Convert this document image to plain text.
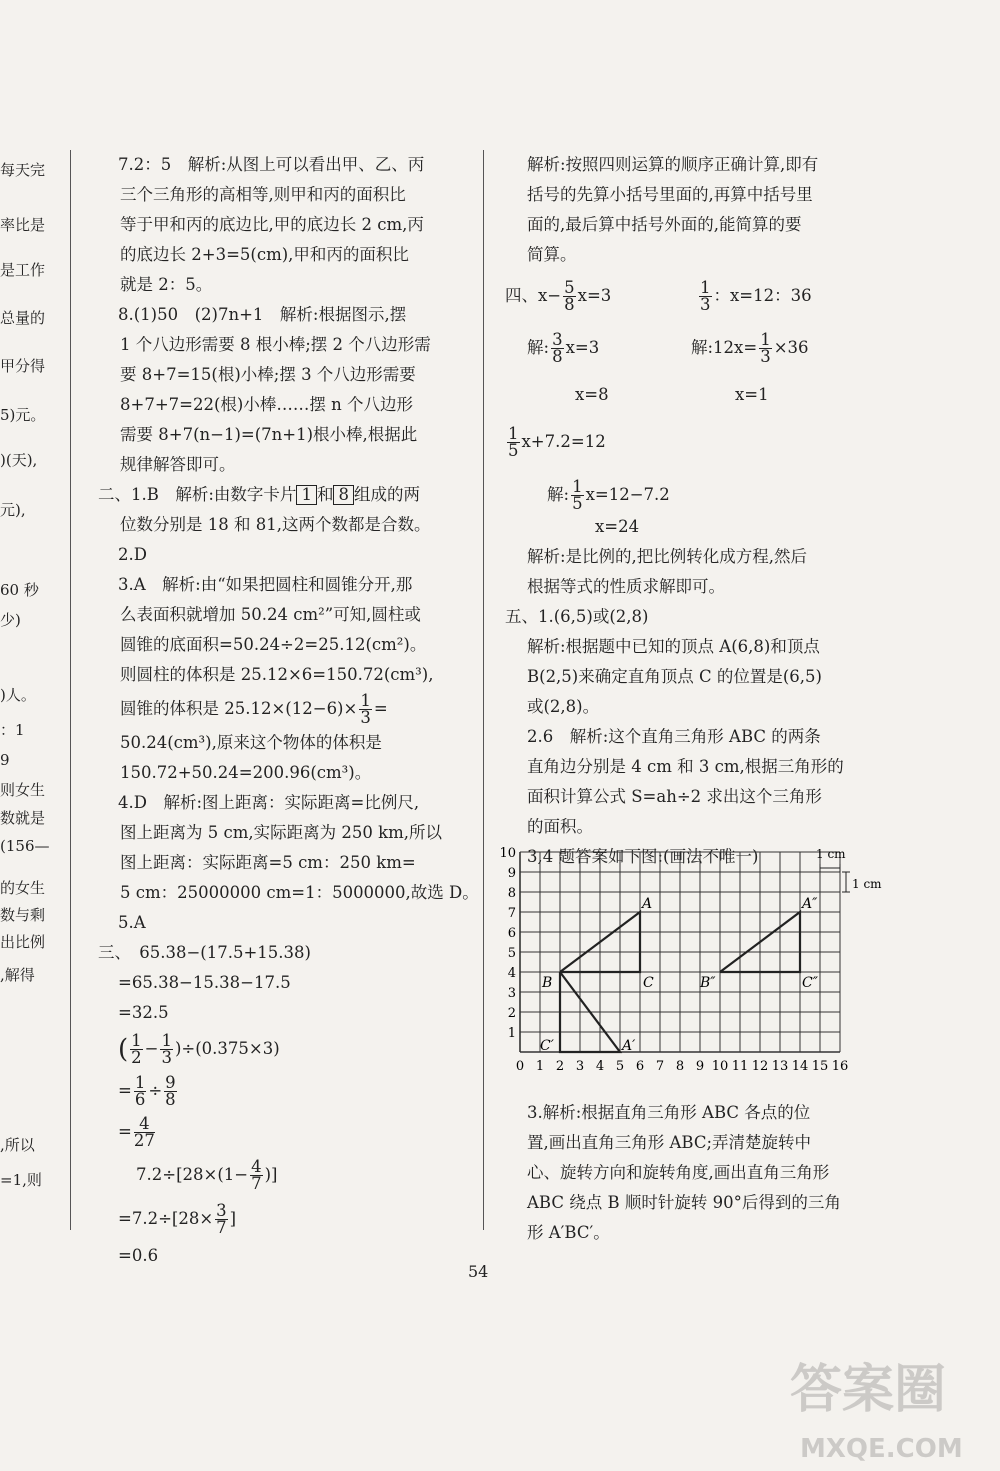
每天完
率比是
是工作
总量的
甲分得
5)元。
)(天),
元),
60 秒
少)
)人。
：1
9
则女生
数就是
(156—
的女生
数与剩
出比例
,解得
,所以
=1,则
7.2：5　解析:从图上可以看出甲、乙、丙
三个三角形的高相等,则甲和丙的面积比
等于甲和丙的底边比,甲的底边长 2 cm,丙
的底边长 2+3=5(cm),甲和丙的面积比
就是 2：5。
8.(1)50　(2)7n+1　解析:根据图示,摆
1 个八边形需要 8 根小棒;摆 2 个八边形需
要 8+7=15(根)小棒;摆 3 个八边形需要
8+7+7=22(根)小棒……摆 n 个八边形
需要 8+7(n−1)=(7n+1)根小棒,根据此
规律解答即可。
二、1.B　解析:由数字卡片 1 和 8 组成的两
位数分别是 18 和 81,这两个数都是合数。
2.D
3.A　解析:由“如果把圆柱和圆锥分开,那
么表面积就增加 50.24 cm²”可知,圆柱或
圆锥的底面积=50.24÷2=25.12(cm²)。
则圆柱的体积是 25.12×6=150.72(cm³),
圆锥的体积是 $25.12\times(12-6)\times \frac{1}{3}$ =
50.24(cm³),原来这个物体的体积是
150.72+50.24=200.96(cm³)。
4.D　解析:图上距离：实际距离=比例尺,
图上距离为 5 cm,实际距离为 250 km,所以
图上距离：实际距离=5 cm：250 km=
5 cm：25000000 cm=1：5000000,故选 D。
5.A
三、　65.38−(17.5+15.38)
=65.38−15.38−17.5
=32.5
( $\frac{1}{2} - \frac{1}{3} )\div(0.375\times 3)$
= $\frac{1}{6} \div \frac{9}{8}$
= $\frac{4}{27}$
$7.2\div[28\times(1- \frac{4}{7}$ )]
$=7.2\div[28\times \frac{3}{7}$ ]
=0.6
解析:按照四则运算的顺序正确计算,即有
括号的先算小括号里面的,再算中括号里
面的,最后算中括号外面的,能简算的要
简算。
四、$x- \frac{5}{8} x=3$	$\frac{1}{3}$ ：x=12：36
解: $\frac{3}{8} x=3$	解:12x= $\frac{1}{3} \times 36$
x=8	x=1
$\frac{1}{5} x+7.2=12$
解: $\frac{1}{5} x=12-7.2$
x=24
解析:是比例的,把比例转化成方程,然后
根据等式的性质求解即可。
五、1.(6,5)或(2,8)
解析:根据题中已知的顶点 A(6,8)和顶点
B(2,5)来确定直角顶点 C 的位置是(6,5)
或(2,8)。
2.6　解析:这个直角三角形 ABC 的两条
直角边分别是 4 cm 和 3 cm,根据三角形的
面积计算公式 S=ah÷2 求出这个三角形
的面积。
3,4 题答案如下图:(画法不唯一)
0 1 2 3 4 5 6 7 8 9 10 11 12 13 14 15 16
1
2
3
4
5
6
7
8
9
10	1 cm
1 cm
A
B	C
A′
C′
A″
B″	C″
3.解析:根据直角三角形 ABC 各点的位
置,画出直角三角形 ABC;弄清楚旋转中
心、旋转方向和旋转角度,画出直角三角形
ABC 绕点 B 顺时针旋转 90°后得到的三角
形 A′BC′。
54
答案圈
MXQE.COM
